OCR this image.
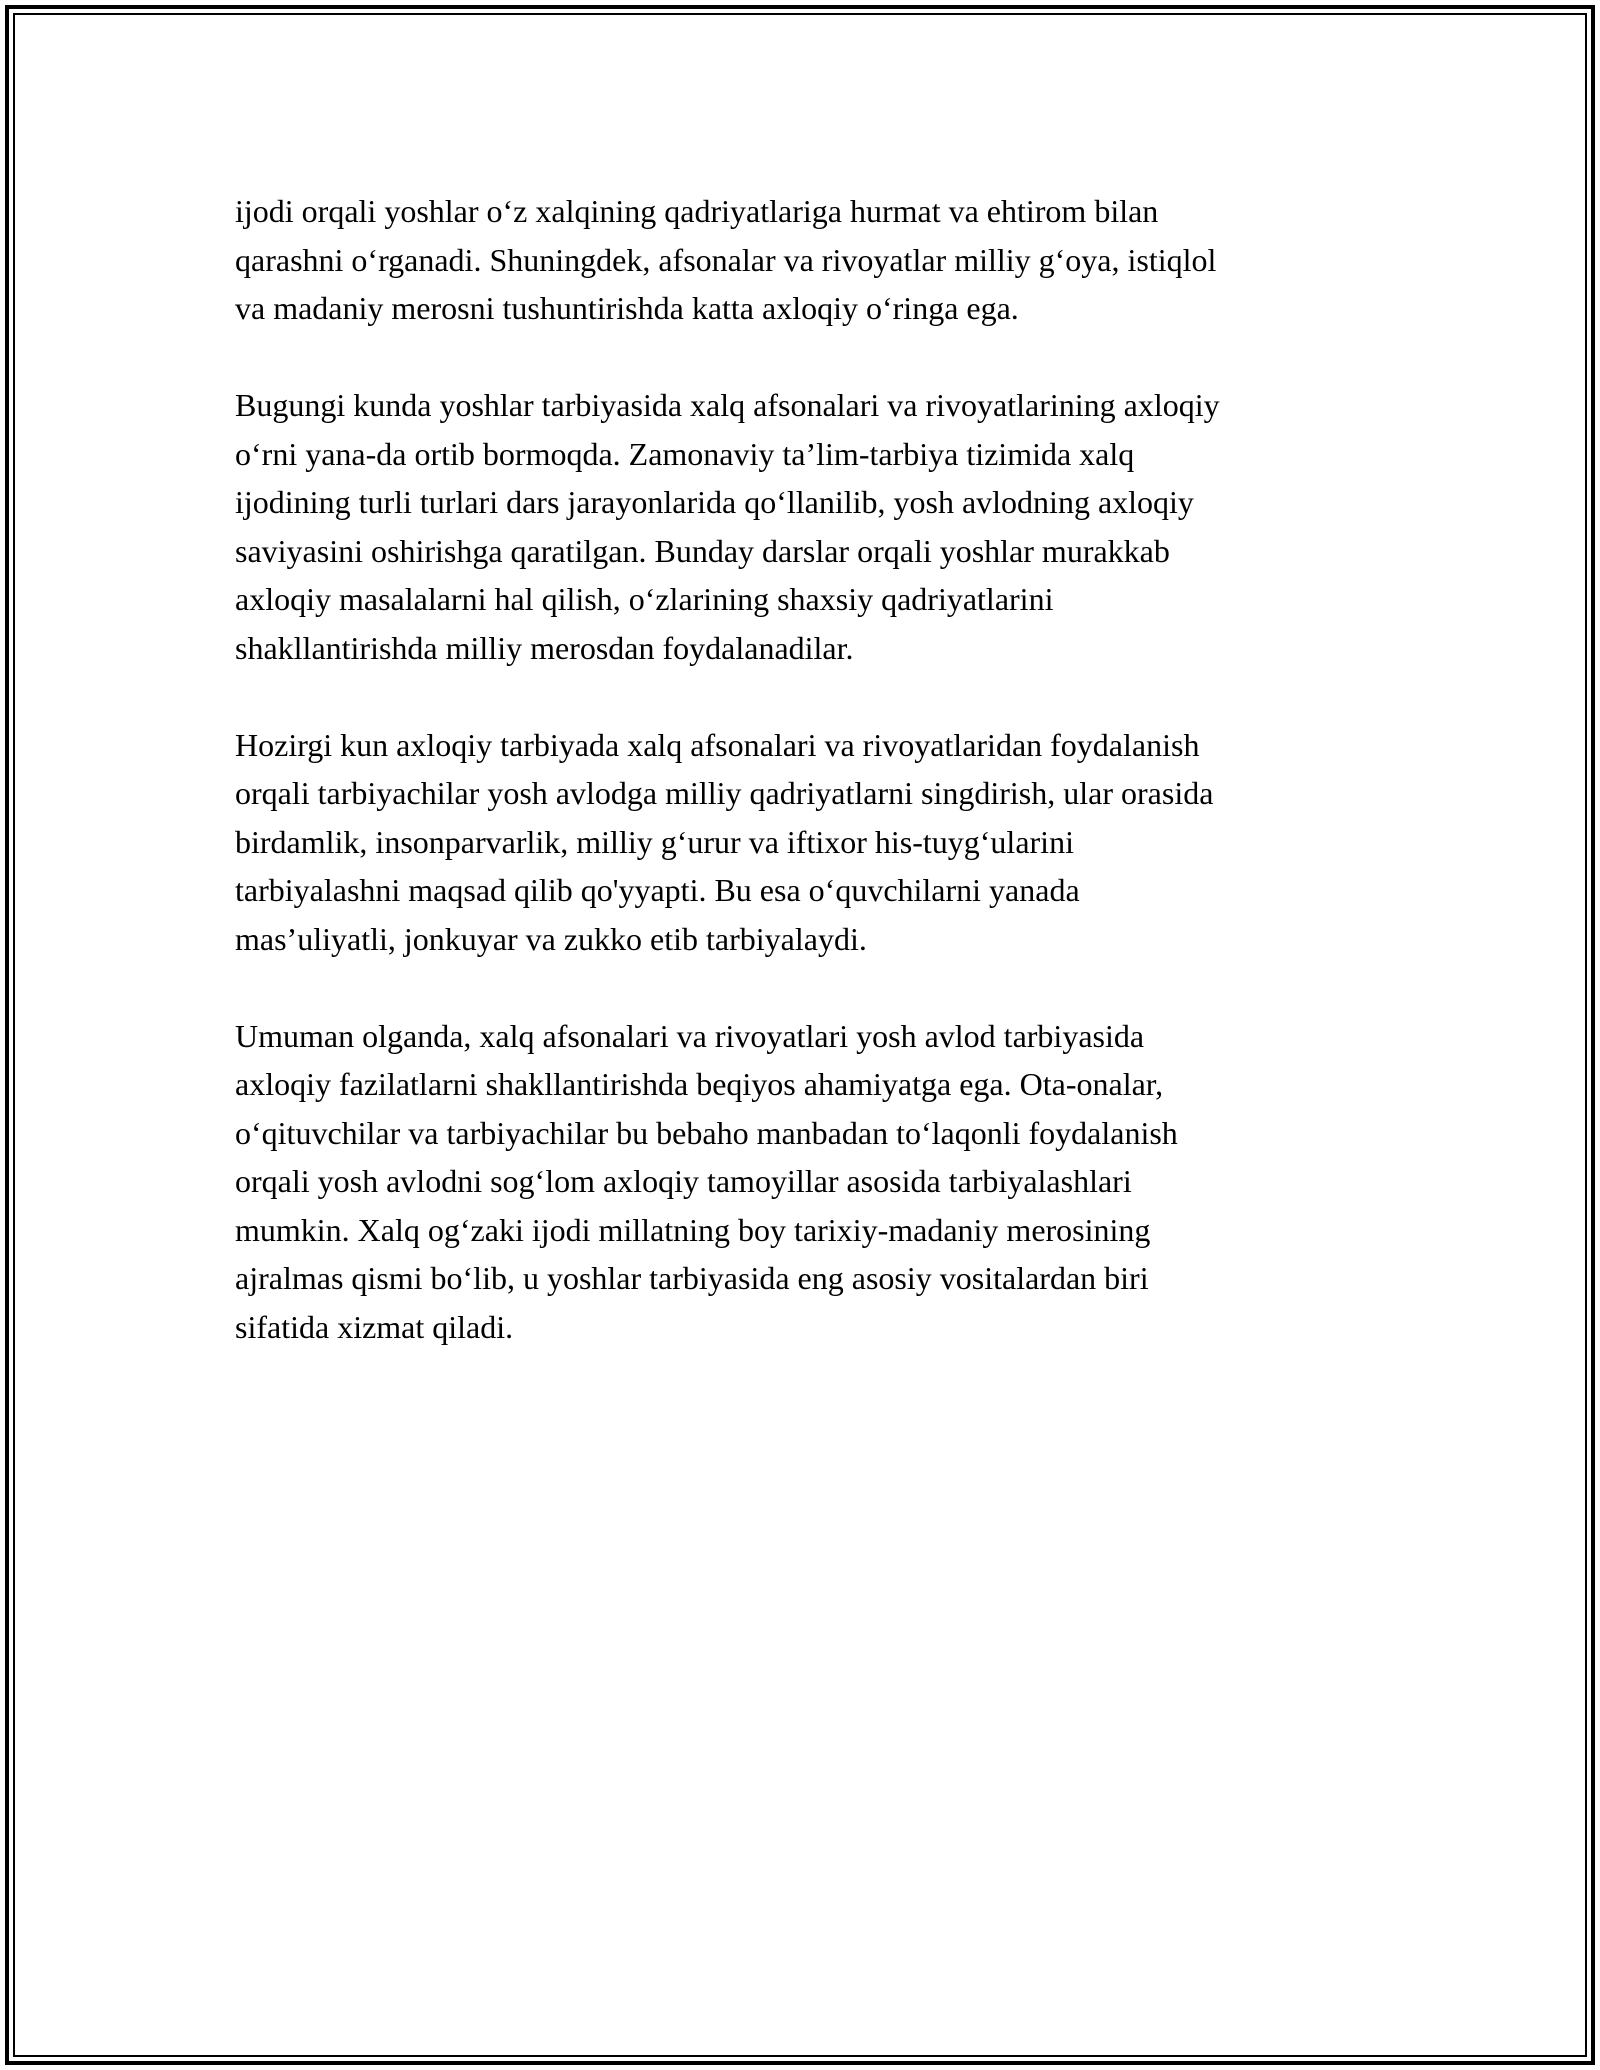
ijodi orqali yoshlar o‘z xalqining qadriyatlariga hurmat va ehtirom bilan
qarashni o‘rganadi. Shuningdek, afsonalar va rivoyatlar milliy g‘oya, istiqlol
va madaniy merosni tushuntirishda katta axloqiy o‘ringa ega.

Bugungi kunda yoshlar tarbiyasida xalq afsonalari va rivoyatlarining axloqiy
o‘rni yana-da ortib bormoqda. Zamonaviy ta’lim-tarbiya tizimida xalq
ijodining turli turlari dars jarayonlarida qo‘llanilib, yosh avlodning axloqiy
saviyasini oshirishga qaratilgan. Bunday darslar orqali yoshlar murakkab
axloqiy masalalarni hal qilish, o‘zlarining shaxsiy qadriyatlarini
shakllantirishda milliy merosdan foydalanadilar.

Hozirgi kun axloqiy tarbiyada xalq afsonalari va rivoyatlaridan foydalanish
orqali tarbiyachilar yosh avlodga milliy qadriyatlarni singdirish, ular orasida
birdamlik, insonparvarlik, milliy g‘urur va iftixor his-tuyg‘ularini
tarbiyalashni maqsad qilib qo'yyapti. Bu esa o‘quvchilarni yanada
mas’uliyatli, jonkuyar va zukko etib tarbiyalaydi.

Umuman olganda, xalq afsonalari va rivoyatlari yosh avlod tarbiyasida
axloqiy fazilatlarni shakllantirishda beqiyos ahamiyatga ega. Ota-onalar,
o‘qituvchilar va tarbiyachilar bu bebaho manbadan to‘laqonli foydalanish
orqali yosh avlodni sog‘lom axloqiy tamoyillar asosida tarbiyalashlari
mumkin. Xalq og‘zaki ijodi millatning boy tarixiy-madaniy merosining
ajralmas qismi bo‘lib, u yoshlar tarbiyasida eng asosiy vositalardan biri
sifatida xizmat qiladi.
